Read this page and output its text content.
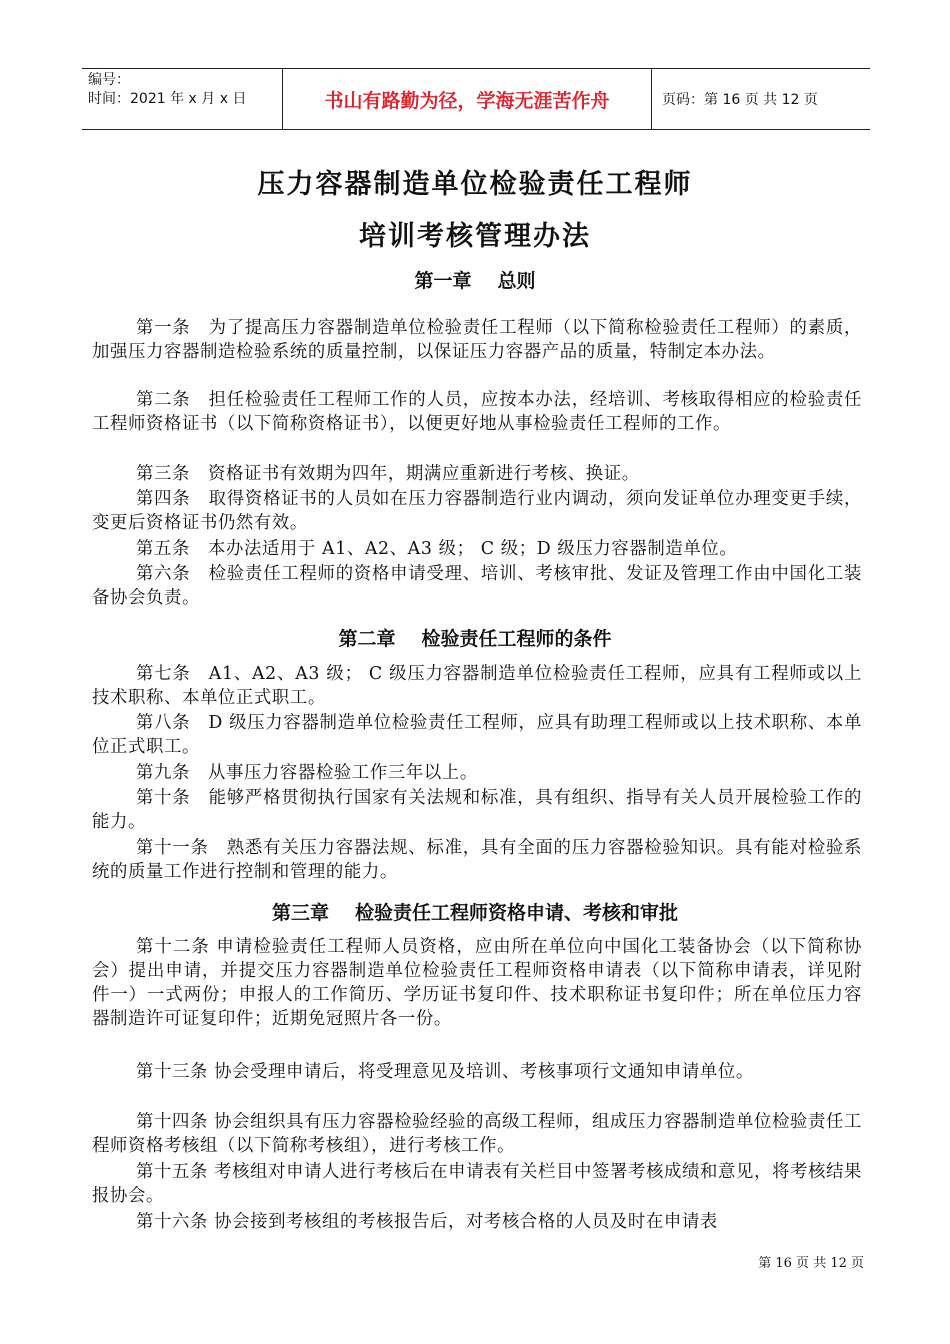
编号：
时间：2021 年 x 月 x 日	书山有路勤为径，学海无涯苦作舟	页码：第 16 页 共 12 页
压力容器制造单位检验责任工程师
培训考核管理办法
第一章 总则
第一条　为了提高压力容器制造单位检验责任工程师（以下简称检验责任工程师）的素质，加强压力容器制造检验系统的质量控制，以保证压力容器产品的质量，特制定本办法。
第二条　担任检验责任工程师工作的人员，应按本办法，经培训、考核取得相应的检验责任工程师资格证书（以下简称资格证书），以便更好地从事检验责任工程师的工作。
第三条　资格证书有效期为四年，期满应重新进行考核、换证。
第四条　取得资格证书的人员如在压力容器制造行业内调动，须向发证单位办理变更手续，变更后资格证书仍然有效。
第五条　本办法适用于 A1、A2、A3 级； C 级；D 级压力容器制造单位。
第六条　检验责任工程师的资格申请受理、培训、考核审批、发证及管理工作由中国化工装备协会负责。
第二章 检验责任工程师的条件
第七条　A1、A2、A3 级； C 级压力容器制造单位检验责任工程师，应具有工程师或以上技术职称、本单位正式职工。
第八条　D 级压力容器制造单位检验责任工程师，应具有助理工程师或以上技术职称、本单位正式职工。
第九条　从事压力容器检验工作三年以上。
第十条　能够严格贯彻执行国家有关法规和标准，具有组织、指导有关人员开展检验工作的能力。
第十一条　熟悉有关压力容器法规、标准，具有全面的压力容器检验知识。具有能对检验系统的质量工作进行控制和管理的能力。
第三章 检验责任工程师资格申请、考核和审批
第十二条 申请检验责任工程师人员资格，应由所在单位向中国化工装备协会（以下简称协会）提出申请，并提交压力容器制造单位检验责任工程师资格申请表（以下简称申请表，详见附件一）一式两份；申报人的工作简历、学历证书复印件、技术职称证书复印件；所在单位压力容器制造许可证复印件；近期免冠照片各一份。
第十三条 协会受理申请后，将受理意见及培训、考核事项行文通知申请单位。
第十四条 协会组织具有压力容器检验经验的高级工程师，组成压力容器制造单位检验责任工程师资格考核组（以下简称考核组），进行考核工作。
第十五条 考核组对申请人进行考核后在申请表有关栏目中签署考核成绩和意见，将考核结果报协会。
第十六条 协会接到考核组的考核报告后，对考核合格的人员及时在申请表
第 16 页 共 12 页
